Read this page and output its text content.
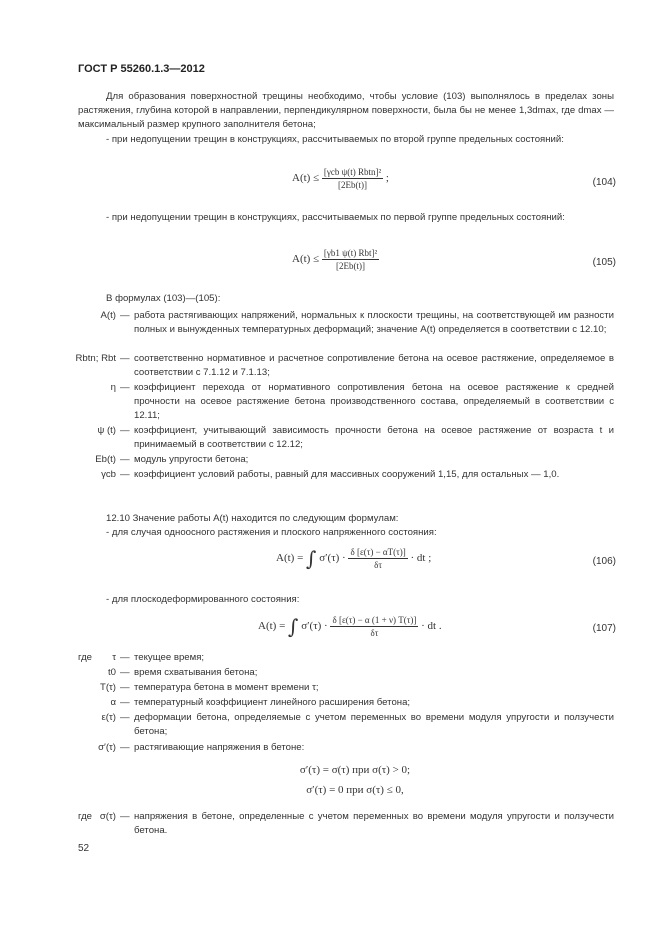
ГОСТ Р 55260.1.3—2012
Для образования поверхностной трещины необходимо, чтобы условие (103) выполнялось в пределах зоны растяжения, глубина которой в направлении, перпендикулярном поверхности, была бы не менее 1,3dmax, где dmax — максимальный размер крупного заполнителя бетона;
- при недопущении трещин в конструкциях, рассчитываемых по второй группе предельных состояний:
$A(t) \le \frac{\text{[γcb ψ(t) Rbtn]²}}{[2Eb(t)]}$ ;	(104)
- при недопущении трещин в конструкциях, рассчитываемых по первой группе предельных состояний:
$A(t) \le \frac{\text{[γb1 ψ(t) Rbt]²}}{[2Eb(t)]}$	(105)
В формулах (103)—(105):
A(t) — работа растягивающих напряжений, нормальных к плоскости трещины, на соответствующей им разности полных и вынужденных температурных деформаций; значение A(t) определяется в соответствии с 12.10;
Rbtn; Rbt — соответственно нормативное и расчетное сопротивление бетона на осевое растяжение, определяемое в соответствии с 7.1.12 и 7.1.13;
η — коэффициент перехода от нормативного сопротивления бетона на осевое растяжение к средней прочности на осевое растяжение бетона производственного состава, определяемый в соответствии с 12.11;
ψ (t) — коэффициент, учитывающий зависимость прочности бетона на осевое растяжение от возраста t и принимаемый в соответствии с 12.12;
Eb(t) — модуль упругости бетона;
γcb — коэффициент условий работы, равный для массивных сооружений 1,15, для остальных — 1,0.
12.10 Значение работы A(t) находится по следующим формулам:
- для случая одноосного растяжения и плоского напряженного состояния:
A(t) = ∫ $\sigma'(\tau) \cdot \frac{\delta [\varepsilon(\tau) - \alpha T(\tau)]}{\delta\tau}$ · dt ;	(106)
- для плоскодеформированного состояния:
A(t) = ∫ $\sigma'(\tau) \cdot \frac{\delta [\varepsilon(\tau) - \alpha (1 + \nu) T(\tau)]}{\delta\tau}$ · dt .	(107)
где	τ — текущее время;
t0 — время схватывания бетона;
T(τ) — температура бетона в момент времени τ;
α — температурный коэффициент линейного расширения бетона;
ε(τ) — деформации бетона, определяемые с учетом переменных во времени модуля упругости и ползучести бетона;
σ′(τ) — растягивающие напряжения в бетоне:
σ′(τ) = σ(τ) при σ(τ) > 0;
σ′(τ) = 0 при σ(τ) ≤ 0,
где σ(τ) — напряжения в бетоне, определенные с учетом переменных во времени модуля упругости и ползучести бетона.
52
